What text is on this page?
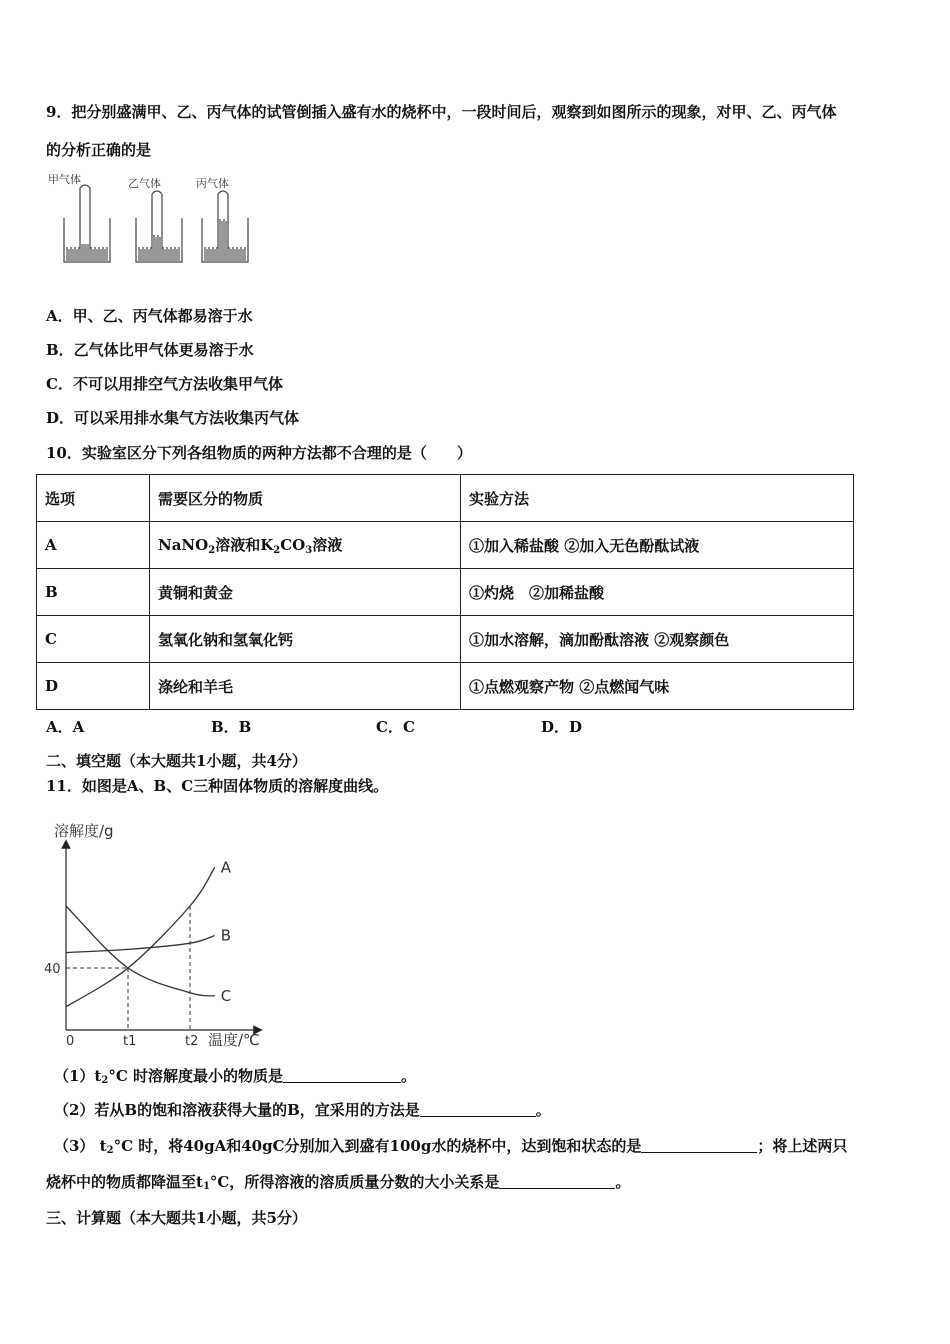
9．把分别盛满甲、乙、丙气体的试管倒插入盛有水的烧杯中，一段时间后，观察到如图所示的现象，对甲、乙、丙气体
的分析正确的是
甲气体	乙气体	丙气体
A．甲、乙、丙气体都易溶于水
B．乙气体比甲气体更易溶于水
C．不可以用排空气方法收集甲气体
D．可以采用排水集气方法收集丙气体
10．实验室区分下列各组物质的两种方法都不合理的是（　　）
选项	需要区分的物质	实验方法
A	NaNO$_2$溶液和$K_2CO_3$溶液	①加入稀盐酸 ②加入无色酚酞试液
B	黄铜和黄金	①灼烧　②加稀盐酸
C	氢氧化钠和氢氧化钙	①加水溶解，滴加酚酞溶液 ②观察颜色
D	涤纶和羊毛	①点燃观察产物 ②点燃闻气味
A．A	B．B	C．C	D．D
二、填空题（本大题共1小题，共4分）
11．如图是A、B、C三种固体物质的溶解度曲线。
溶解度/g
温度/℃
A
B
C
40
0	t1	t2
（1）t2°C 时溶解度最小的物质是	。
（2）若从B的饱和溶液获得大量的B，宜采用的方法是	。
（3） t2°C 时，将40gA和40gC分别加入到盛有100g水的烧杯中，达到饱和状态的是	；将上述两只
烧杯中的物质都降温至t1°C，所得溶液的溶质质量分数的大小关系是	。
三、计算题（本大题共1小题，共5分）
